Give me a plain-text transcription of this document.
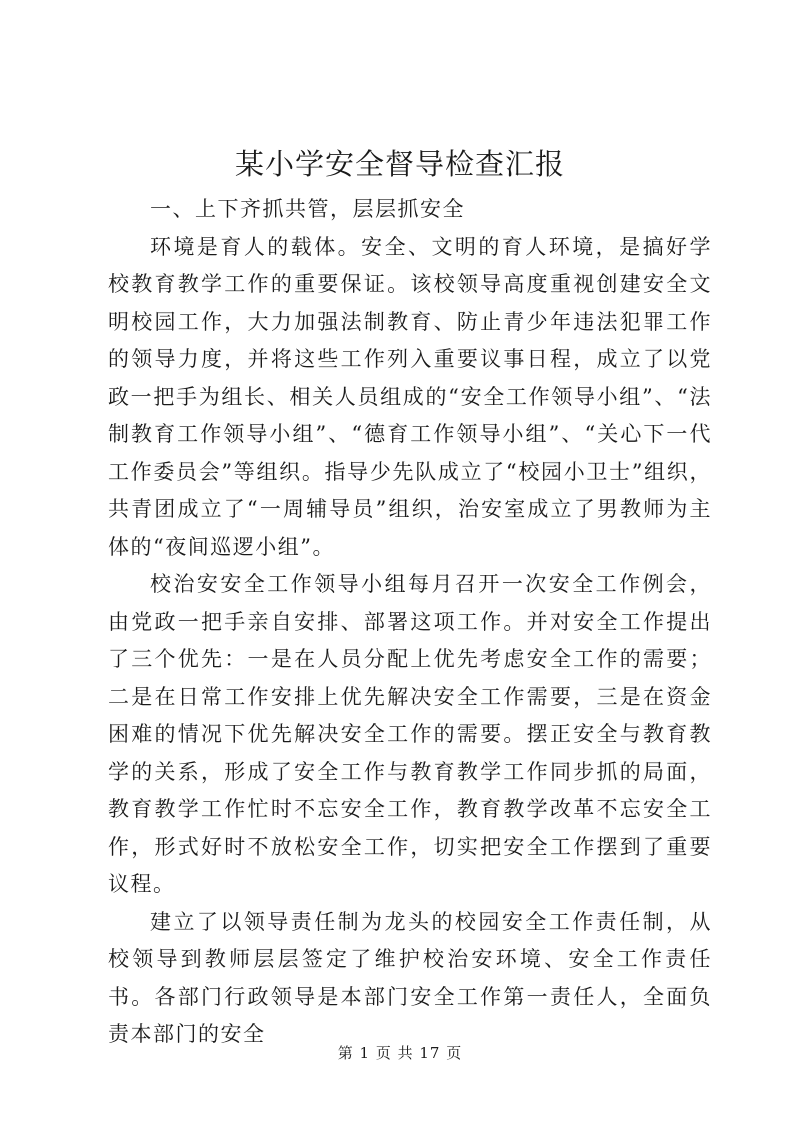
某小学安全督导检查汇报

一、上下齐抓共管，层层抓安全

环境是育人的载体。安全、文明的育人环境，是搞好学校教育教学工作的重要保证。该校领导高度重视创建安全文明校园工作，大力加强法制教育、防止青少年违法犯罪工作的领导力度，并将这些工作列入重要议事日程，成立了以党政一把手为组长、相关人员组成的“安全工作领导小组”、“法制教育工作领导小组”、“德育工作领导小组”、“关心下一代工作委员会”等组织。指导少先队成立了“校园小卫士”组织，共青团成立了“一周辅导员”组织，治安室成立了男教师为主体的“夜间巡逻小组”。

校治安安全工作领导小组每月召开一次安全工作例会，由党政一把手亲自安排、部署这项工作。并对安全工作提出了三个优先：一是在人员分配上优先考虑安全工作的需要；二是在日常工作安排上优先解决安全工作需要，三是在资金困难的情况下优先解决安全工作的需要。摆正安全与教育教学的关系，形成了安全工作与教育教学工作同步抓的局面，教育教学工作忙时不忘安全工作，教育教学改革不忘安全工作，形式好时不放松安全工作，切实把安全工作摆到了重要议程。

建立了以领导责任制为龙头的校园安全工作责任制，从校领导到教师层层签定了维护校治安环境、安全工作责任书。各部门行政领导是本部门安全工作第一责任人，全面负责本部门的安全

第 1 页 共 17 页
